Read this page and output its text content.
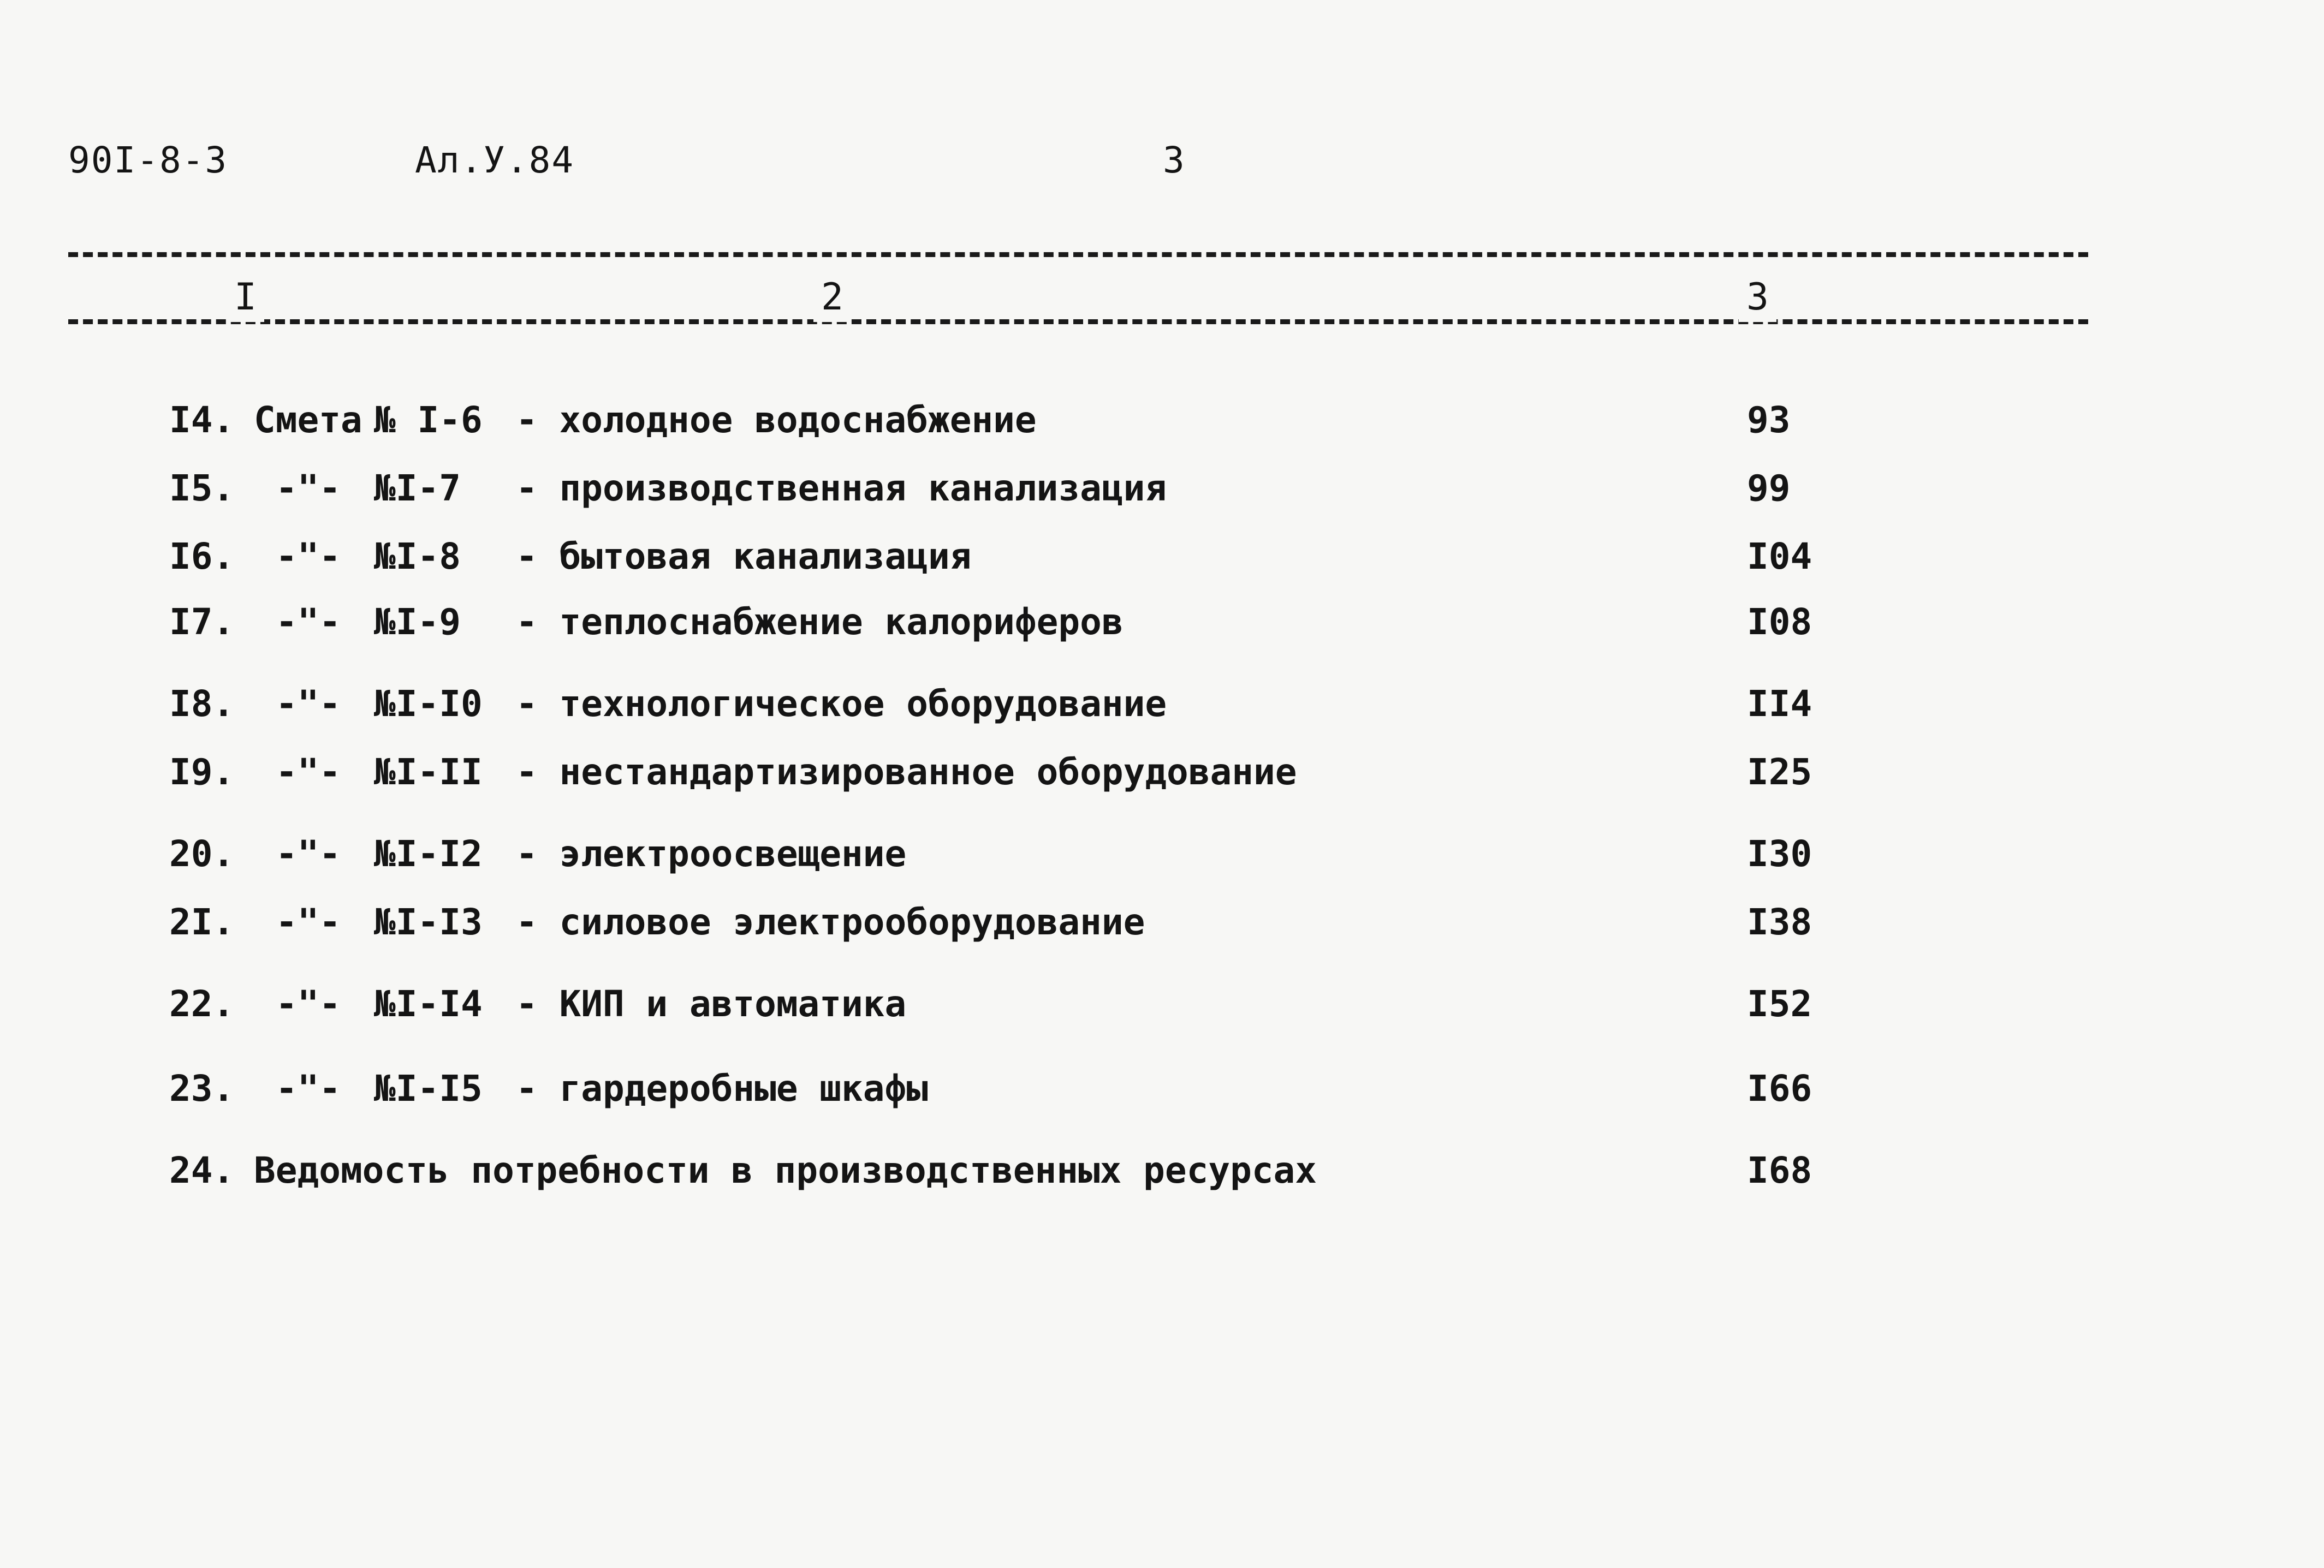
90I-8-3	Ал.У.84	3
I	2	3
I4. Смета № I-6 - холодное водоснабжение	93
I5. -"- №I-7 - производственная канализация	99
I6. -"- №I-8 - бытовая канализация	I04
I7. -"- №I-9 - теплоснабжение калориферов	I08
I8. -"- №I-I0 - технологическое оборудование	II4
I9. -"- №I-II - нестандартизированное оборудование	I25
20. -"- №I-I2 - электроосвещение	I30
2I. -"- №I-I3 - силовое электрооборудование	I38
22. -"- №I-I4 - КИП и автоматика	I52
23. -"- №I-I5 - гардеробные шкафы	I66
24. Ведомость потребности в производственных ресурсах	I68
